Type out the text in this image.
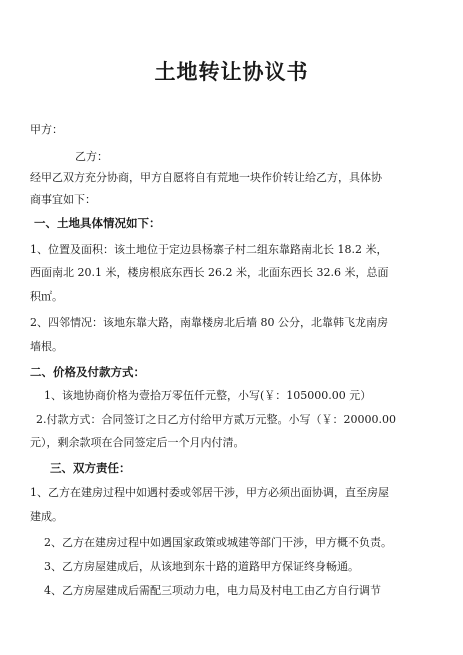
土地转让协议书
甲方：
乙方：
经甲乙双方充分协商，甲方自愿将自有荒地一块作价转让给乙方，具体协
商事宜如下：
一、土地具体情况如下：
1、位置及面积：该土地位于定边县杨寨子村二组东靠路南北长 18.2 米，
西面南北 20.1 米，楼房根底东西长 26.2 米，北面东西长 32.6 米，总面
积㎡。
2、四邻情况：该地东靠大路，南靠楼房北后墙 80 公分，北靠韩飞龙南房
墙根。
二、价格及付款方式：
1、该地协商价格为壹拾万零伍仟元整，小写(￥：105000.00 元）
2.付款方式：合同签订之日乙方付给甲方贰万元整。小写（￥：20000.00
元），剩余款项在合同签定后一个月内付清。
三、双方责任：
1、乙方在建房过程中如遇村委或邻居干涉，甲方必须出面协调，直至房屋
建成。
2、乙方在建房过程中如遇国家政策或城建等部门干涉，甲方概不负责。
3、乙方房屋建成后，从该地到东十路的道路甲方保证终身畅通。
4、乙方房屋建成后需配三项动力电，电力局及村电工由乙方自行调节
